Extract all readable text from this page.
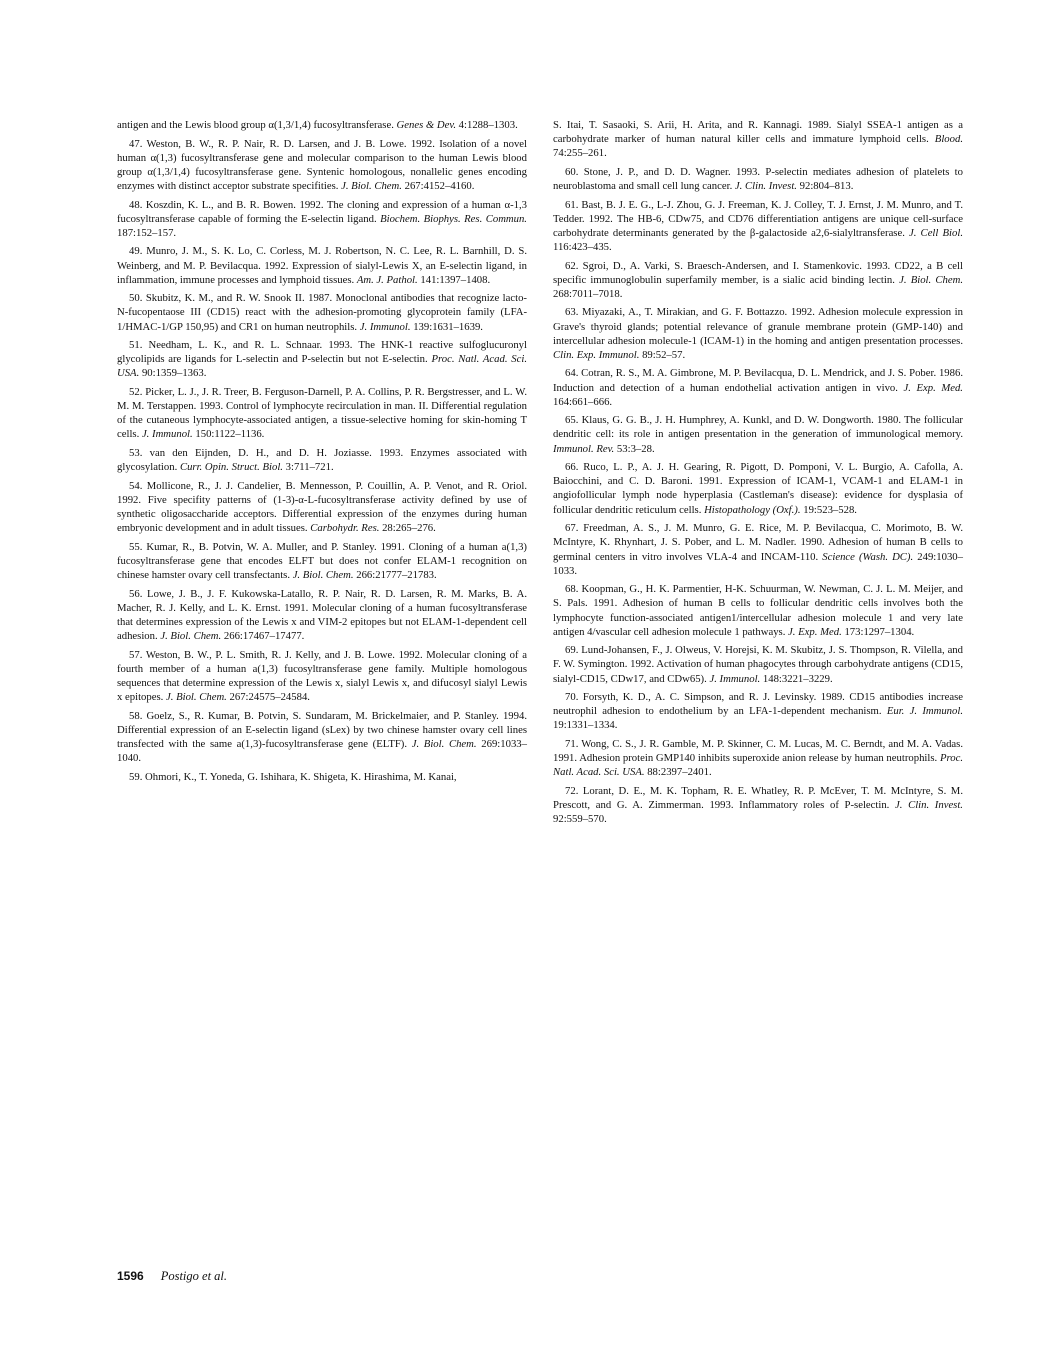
antigen and the Lewis blood group α(1,3/1,4) fucosyltransferase. Genes & Dev. 4:1288–1303.

47. Weston, B. W., R. P. Nair, R. D. Larsen, and J. B. Lowe. 1992. Isolation of a novel human α(1,3) fucosyltransferase gene and molecular comparison to the human Lewis blood group α(1,3/1,4) fucosyltransferase gene. Syntenic homologous, nonallelic genes encoding enzymes with distinct acceptor substrate specifities. J. Biol. Chem. 267:4152–4160.

48. Koszdin, K. L., and B. R. Bowen. 1992. The cloning and expression of a human α-1,3 fucosyltransferase capable of forming the E-selectin ligand. Biochem. Biophys. Res. Commun. 187:152–157.

49. Munro, J. M., S. K. Lo, C. Corless, M. J. Robertson, N. C. Lee, R. L. Barnhill, D. S. Weinberg, and M. P. Bevilacqua. 1992. Expression of sialyl-Lewis X, an E-selectin ligand, in inflammation, immune processes and lymphoid tissues. Am. J. Pathol. 141:1397–1408.

50. Skubitz, K. M., and R. W. Snook II. 1987. Monoclonal antibodies that recognize lacto-N-fucopentaose III (CD15) react with the adhesion-promoting glycoprotein family (LFA-1/HMAC-1/GP 150,95) and CR1 on human neutrophils. J. Immunol. 139:1631–1639.

51. Needham, L. K., and R. L. Schnaar. 1993. The HNK-1 reactive sulfoglucuronyl glycolipids are ligands for L-selectin and P-selectin but not E-selectin. Proc. Natl. Acad. Sci. USA. 90:1359–1363.

52. Picker, L. J., J. R. Treer, B. Ferguson-Darnell, P. A. Collins, P. R. Bergstresser, and L. W. M. M. Terstappen. 1993. Control of lymphocyte recirculation in man. II. Differential regulation of the cutaneous lymphocyte-associated antigen, a tissue-selective homing for skin-homing T cells. J. Immunol. 150:1122–1136.

53. van den Eijnden, D. H., and D. H. Joziasse. 1993. Enzymes associated with glycosylation. Curr. Opin. Struct. Biol. 3:711–721.

54. Mollicone, R., J. J. Candelier, B. Mennesson, P. Couillin, A. P. Venot, and R. Oriol. 1992. Five specifity patterns of (1-3)-α-L-fucosyltransferase activity defined by use of synthetic oligosaccharide acceptors. Differential expression of the enzymes during human embryonic development and in adult tissues. Carbohydr. Res. 28:265–276.

55. Kumar, R., B. Potvin, W. A. Muller, and P. Stanley. 1991. Cloning of a human a(1,3) fucosyltransferase gene that encodes ELFT but does not confer ELAM-1 recognition on chinese hamster ovary cell transfectants. J. Biol. Chem. 266:21777–21783.

56. Lowe, J. B., J. F. Kukowska-Latallo, R. P. Nair, R. D. Larsen, R. M. Marks, B. A. Macher, R. J. Kelly, and L. K. Ernst. 1991. Molecular cloning of a human fucosyltransferase that determines expression of the Lewis x and VIM-2 epitopes but not ELAM-1-dependent cell adhesion. J. Biol. Chem. 266:17467–17477.

57. Weston, B. W., P. L. Smith, R. J. Kelly, and J. B. Lowe. 1992. Molecular cloning of a fourth member of a human a(1,3) fucosyltransferase gene family. Multiple homologous sequences that determine expression of the Lewis x, sialyl Lewis x, and difucosyl sialyl Lewis x epitopes. J. Biol. Chem. 267:24575–24584.

58. Goelz, S., R. Kumar, B. Potvin, S. Sundaram, M. Brickelmaier, and P. Stanley. 1994. Differential expression of an E-selectin ligand (sLex) by two chinese hamster ovary cell lines transfected with the same a(1,3)-fucosyltransferase gene (ELTF). J. Biol. Chem. 269:1033–1040.

59. Ohmori, K., T. Yoneda, G. Ishihara, K. Shigeta, K. Hirashima, M. Kanai,

S. Itai, T. Sasaoki, S. Arii, H. Arita, and R. Kannagi. 1989. Sialyl SSEA-1 antigen as a carbohydrate marker of human natural killer cells and immature lymphoid cells. Blood. 74:255–261.

60. Stone, J. P., and D. D. Wagner. 1993. P-selectin mediates adhesion of platelets to neuroblastoma and small cell lung cancer. J. Clin. Invest. 92:804–813.

61. Bast, B. J. E. G., L-J. Zhou, G. J. Freeman, K. J. Colley, T. J. Ernst, J. M. Munro, and T. Tedder. 1992. The HB-6, CDw75, and CD76 differentiation antigens are unique cell-surface carbohydrate determinants generated by the β-galactoside a2,6-sialyltransferase. J. Cell Biol. 116:423–435.

62. Sgroi, D., A. Varki, S. Braesch-Andersen, and I. Stamenkovic. 1993. CD22, a B cell specific immunoglobulin superfamily member, is a sialic acid binding lectin. J. Biol. Chem. 268:7011–7018.

63. Miyazaki, A., T. Mirakian, and G. F. Bottazzo. 1992. Adhesion molecule expression in Grave's thyroid glands; potential relevance of granule membrane protein (GMP-140) and intercellular adhesion molecule-1 (ICAM-1) in the homing and antigen presentation processes. Clin. Exp. Immunol. 89:52–57.

64. Cotran, R. S., M. A. Gimbrone, M. P. Bevilacqua, D. L. Mendrick, and J. S. Pober. 1986. Induction and detection of a human endothelial activation antigen in vivo. J. Exp. Med. 164:661–666.

65. Klaus, G. G. B., J. H. Humphrey, A. Kunkl, and D. W. Dongworth. 1980. The follicular dendritic cell: its role in antigen presentation in the generation of immunological memory. Immunol. Rev. 53:3–28.

66. Ruco, L. P., A. J. H. Gearing, R. Pigott, D. Pomponi, V. L. Burgio, A. Cafolla, A. Baiocchini, and C. D. Baroni. 1991. Expression of ICAM-1, VCAM-1 and ELAM-1 in angiofollicular lymph node hyperplasia (Castleman's disease): evidence for dysplasia of follicular dendritic reticulum cells. Histopathology (Oxf.). 19:523–528.

67. Freedman, A. S., J. M. Munro, G. E. Rice, M. P. Bevilacqua, C. Morimoto, B. W. McIntyre, K. Rhynhart, J. S. Pober, and L. M. Nadler. 1990. Adhesion of human B cells to germinal centers in vitro involves VLA-4 and INCAM-110. Science (Wash. DC). 249:1030–1033.

68. Koopman, G., H. K. Parmentier, H-K. Schuurman, W. Newman, C. J. L. M. Meijer, and S. Pals. 1991. Adhesion of human B cells to follicular dendritic cells involves both the lymphocyte function-associated antigen1/intercellular adhesion molecule 1 and very late antigen 4/vascular cell adhesion molecule 1 pathways. J. Exp. Med. 173:1297–1304.

69. Lund-Johansen, F., J. Olweus, V. Horejsi, K. M. Skubitz, J. S. Thompson, R. Vilella, and F. W. Symington. 1992. Activation of human phagocytes through carbohydrate antigens (CD15, sialyl-CD15, CDw17, and CDw65). J. Immunol. 148:3221–3229.

70. Forsyth, K. D., A. C. Simpson, and R. J. Levinsky. 1989. CD15 antibodies increase neutrophil adhesion to endothelium by an LFA-1-dependent mechanism. Eur. J. Immunol. 19:1331–1334.

71. Wong, C. S., J. R. Gamble, M. P. Skinner, C. M. Lucas, M. C. Berndt, and M. A. Vadas. 1991. Adhesion protein GMP140 inhibits superoxide anion release by human neutrophils. Proc. Natl. Acad. Sci. USA. 88:2397–2401.

72. Lorant, D. E., M. K. Topham, R. E. Whatley, R. P. McEver, T. M. McIntyre, S. M. Prescott, and G. A. Zimmerman. 1993. Inflammatory roles of P-selectin. J. Clin. Invest. 92:559–570.

1596 Postigo et al.
